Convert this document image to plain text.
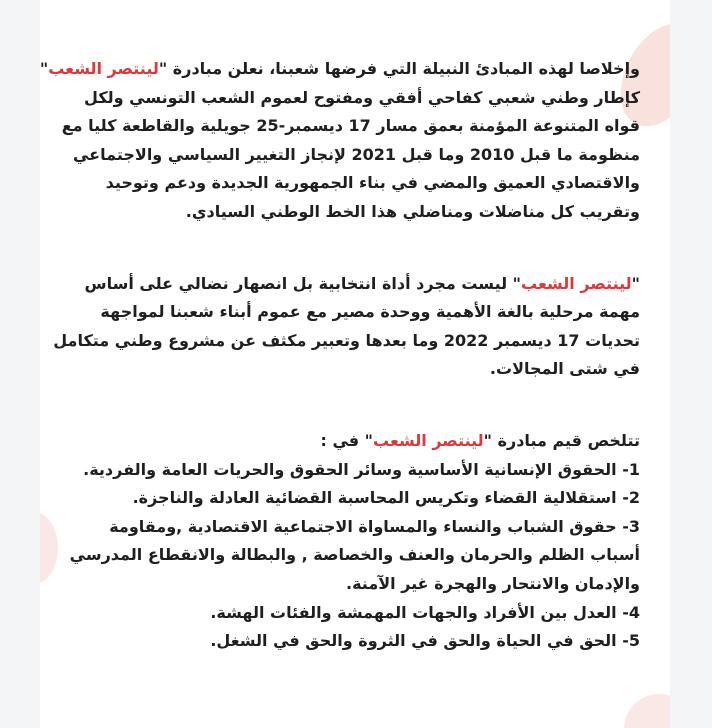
وإخلاصا لهذه المبادئ النبيلة التي فرضها شعبنا، نعلن مبادرة "لينتصر الشعب"
كإطار وطني شعبي كفاحي أفقي ومفتوح لعموم الشعب التونسي ولكل
قواه المتنوعة المؤمنة بعمق مسار 17 ديسمبر-25 جويلية والقاطعة كليا مع
منظومة ما قبل 2010 وما قبل 2021 لإنجاز التغيير السياسي والاجتماعي
والاقتصادي العميق والمضي في بناء الجمهورية الجديدة ودعم وتوحيد
وتقريب كل مناضلات ومناضلي هذا الخط الوطني السيادي.
"لينتصر الشعب" ليست مجرد أداة انتخابية بل انصهار نضالي على أساس
مهمة مرحلية بالغة الأهمية ووحدة مصير مع عموم أبناء شعبنا لمواجهة
تحديات 17 ديسمبر 2022 وما بعدها وتعبير مكثف عن مشروع وطني متكامل
في شتى المجالات.
تتلخص قيم مبادرة "لينتصر الشعب" في :
1- الحقوق الإنسانية الأساسية وسائر الحقوق والحريات العامة والفردية.
2- استقلالية القضاء وتكريس المحاسبة القضائية العادلة والناجزة.
3- حقوق الشباب والنساء والمساواة الاجتماعية الاقتصادية ,ومقاومة
أسباب الظلم والحرمان والعنف والخصاصة , والبطالة والانقطاع المدرسي
والإدمان والانتحار والهجرة غير الآمنة.
4- العدل بين الأفراد والجهات المهمشة والفئات الهشة.
5- الحق في الحياة والحق في الثروة والحق في الشغل.
